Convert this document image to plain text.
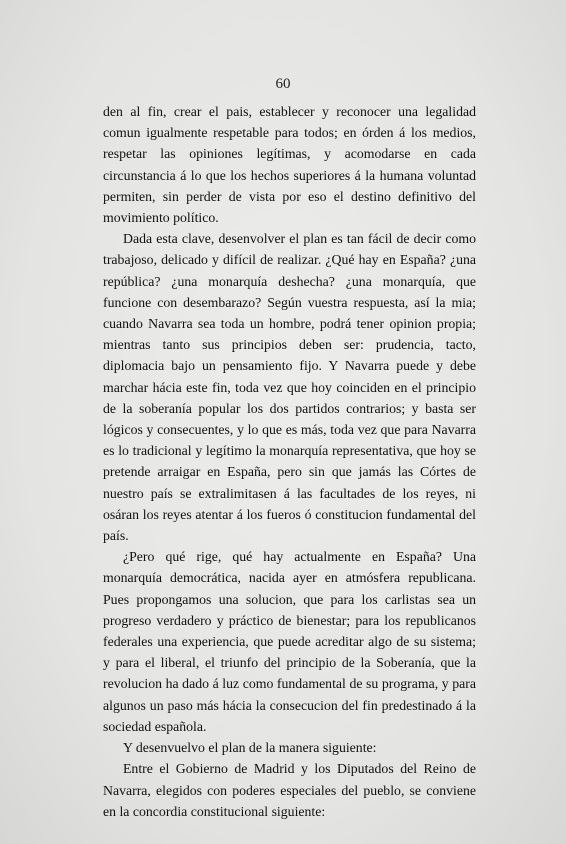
60

den al fin, crear el pais, establecer y reconocer una legalidad comun igualmente respetable para todos; en órden á los medios, respetar las opiniones legítimas, y acomodarse en cada circunstancia á lo que los hechos superiores á la humana voluntad permiten, sin perder de vista por eso el destino definitivo del movimiento político.

Dada esta clave, desenvolver el plan es tan fácil de decir como trabajoso, delicado y difícil de realizar. ¿Qué hay en España? ¿una república? ¿una monarquía deshecha? ¿una monarquía, que funcione con desembarazo? Según vuestra respuesta, así la mia; cuando Navarra sea toda un hombre, podrá tener opinion propia; mientras tanto sus principios deben ser: prudencia, tacto, diplomacia bajo un pensamiento fijo. Y Navarra puede y debe marchar hácia este fin, toda vez que hoy coinciden en el principio de la soberanía popular los dos partidos contrarios; y basta ser lógicos y consecuentes, y lo que es más, toda vez que para Navarra es lo tradicional y legítimo la monarquía representativa, que hoy se pretende arraigar en España, pero sin que jamás las Córtes de nuestro país se extralimitasen á las facultades de los reyes, ni osáran los reyes atentar á los fueros ó constitucion fundamental del país.

¿Pero qué rige, qué hay actualmente en España? Una monarquía democrática, nacida ayer en atmósfera republicana. Pues propongamos una solucion, que para los carlistas sea un progreso verdadero y práctico de bienestar; para los republicanos federales una experiencia, que puede acreditar algo de su sistema; y para el liberal, el triunfo del principio de la Soberanía, que la revolucion ha dado á luz como fundamental de su programa, y para algunos un paso más hácia la consecucion del fin predestinado á la sociedad española.

Y desenvuelvo el plan de la manera siguiente:

Entre el Gobierno de Madrid y los Diputados del Reino de Navarra, elegidos con poderes especiales del pueblo, se conviene en la concordia constitucional siguiente:
